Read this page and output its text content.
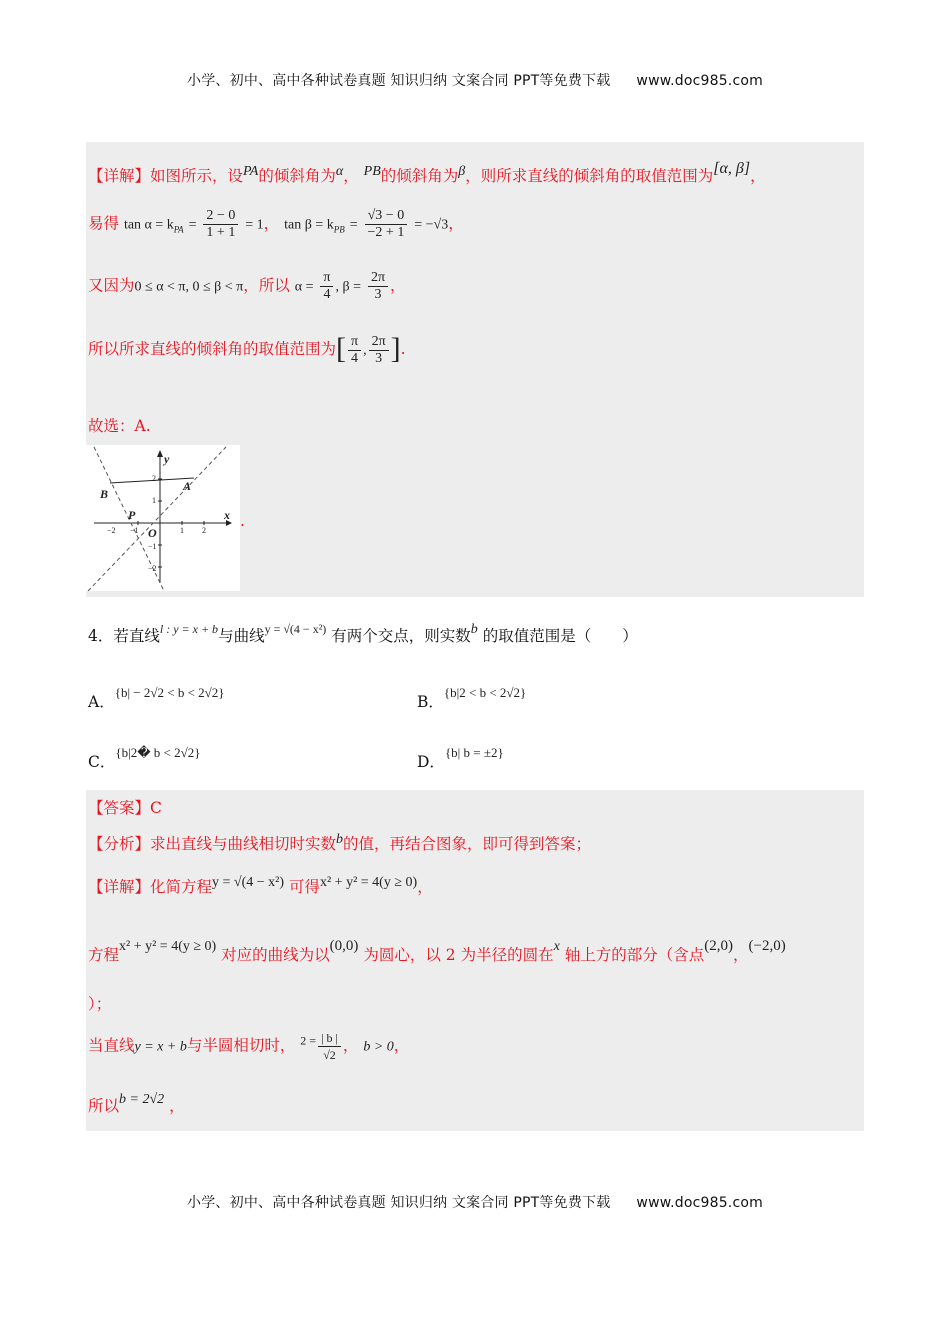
小学、初中、高中各种试卷真题 知识归纳 文案合同 PPT等免费下载 www.doc985.com
【详解】如图所示，设PA的倾斜角为α， PB的倾斜角为β，则所求直线的倾斜角的取值范围为[α, β]，
易得 $\tan \alpha = k_{PA} = \frac{2 - 0}{1 + 1} = 1$， $\tan \beta = k_{PB} = \frac{√3 - 0}{-2 + 1} = -√3$，
又因为0 ≤ α < π, 0 ≤ β < π，所以 $\alpha = \frac{\pi}{4}$ , $\beta = \frac{2\pi}{3}$ ，
所以所求直线的倾斜角的取值范围为[ $\frac{\pi}{4}$ , $\frac{2\pi}{3}$ ].
故选：A.
y
x
A
B
P
O
−2 −1	1 2
2
1
−1
−2
.
4．若直线$^{l : y = x + b}$与曲线$^{y = √(4 - x^2)}$ 有两个交点，则实数b 的取值范围是（　　）
A．$^{\{b| - 2√2 < b < 2√2\}}$
B．$^{\{b|2 < b < 2√2\}}$
C．$^{\{b|2� b < 2√2\}}$
D．$^{\{b| b = \pm 2\}}$
【答案】C
【分析】求出直线与曲线相切时实数b的值，再结合图象，即可得到答案；
【详解】化简方程y = √(4 − x²) 可得x² + y² = 4(y ≥ 0)，
方程x² + y² = 4(y ≥ 0) 对应的曲线为以(0,0) 为圆心，以 2 为半径的圆在x 轴上方的部分（含点(2,0)，(−2,0)
）；
当直线y = x + b与半圆相切时， $^{2 =} \frac{| b |}{√2}$ ， b > 0，
所以b = 2√2 ，
小学、初中、高中各种试卷真题 知识归纳 文案合同 PPT等免费下载 www.doc985.com
